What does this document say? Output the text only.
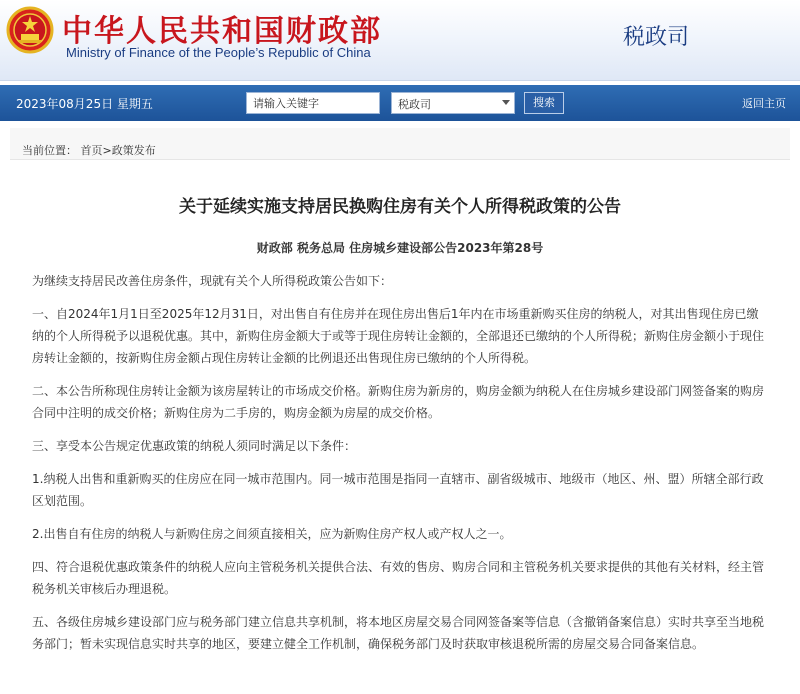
中华人民共和国财政部
Ministry of Finance of the People’s Republic of China
税政司
2023年08月25日 星期五
请输入关键字	税政司	搜索	返回主页
当前位置： 首页>政策发布
关于延续实施支持居民换购住房有关个人所得税政策的公告
财政部 税务总局 住房城乡建设部公告2023年第28号

为继续支持居民改善住房条件，现就有关个人所得税政策公告如下：

一、自2024年1月1日至2025年12月31日，对出售自有住房并在现住房出售后1年内在市场重新购买住房的纳税人，对其出售现住房已缴纳的个人所得税予以退税优惠。其中，新购住房金额大于或等于现住房转让金额的，全部退还已缴纳的个人所得税；新购住房金额小于现住房转让金额的，按新购住房金额占现住房转让金额的比例退还出售现住房已缴纳的个人所得税。

二、本公告所称现住房转让金额为该房屋转让的市场成交价格。新购住房为新房的，购房金额为纳税人在住房城乡建设部门网签备案的购房合同中注明的成交价格；新购住房为二手房的，购房金额为房屋的成交价格。

三、享受本公告规定优惠政策的纳税人须同时满足以下条件：

1.纳税人出售和重新购买的住房应在同一城市范围内。同一城市范围是指同一直辖市、副省级城市、地级市（地区、州、盟）所辖全部行政区划范围。

2.出售自有住房的纳税人与新购住房之间须直接相关，应为新购住房产权人或产权人之一。

四、符合退税优惠政策条件的纳税人应向主管税务机关提供合法、有效的售房、购房合同和主管税务机关要求提供的其他有关材料，经主管税务机关审核后办理退税。

五、各级住房城乡建设部门应与税务部门建立信息共享机制，将本地区房屋交易合同网签备案等信息（含撤销备案信息）实时共享至当地税务部门；暂未实现信息实时共享的地区，要建立健全工作机制，确保税务部门及时获取审核退税所需的房屋交易合同备案信息。
